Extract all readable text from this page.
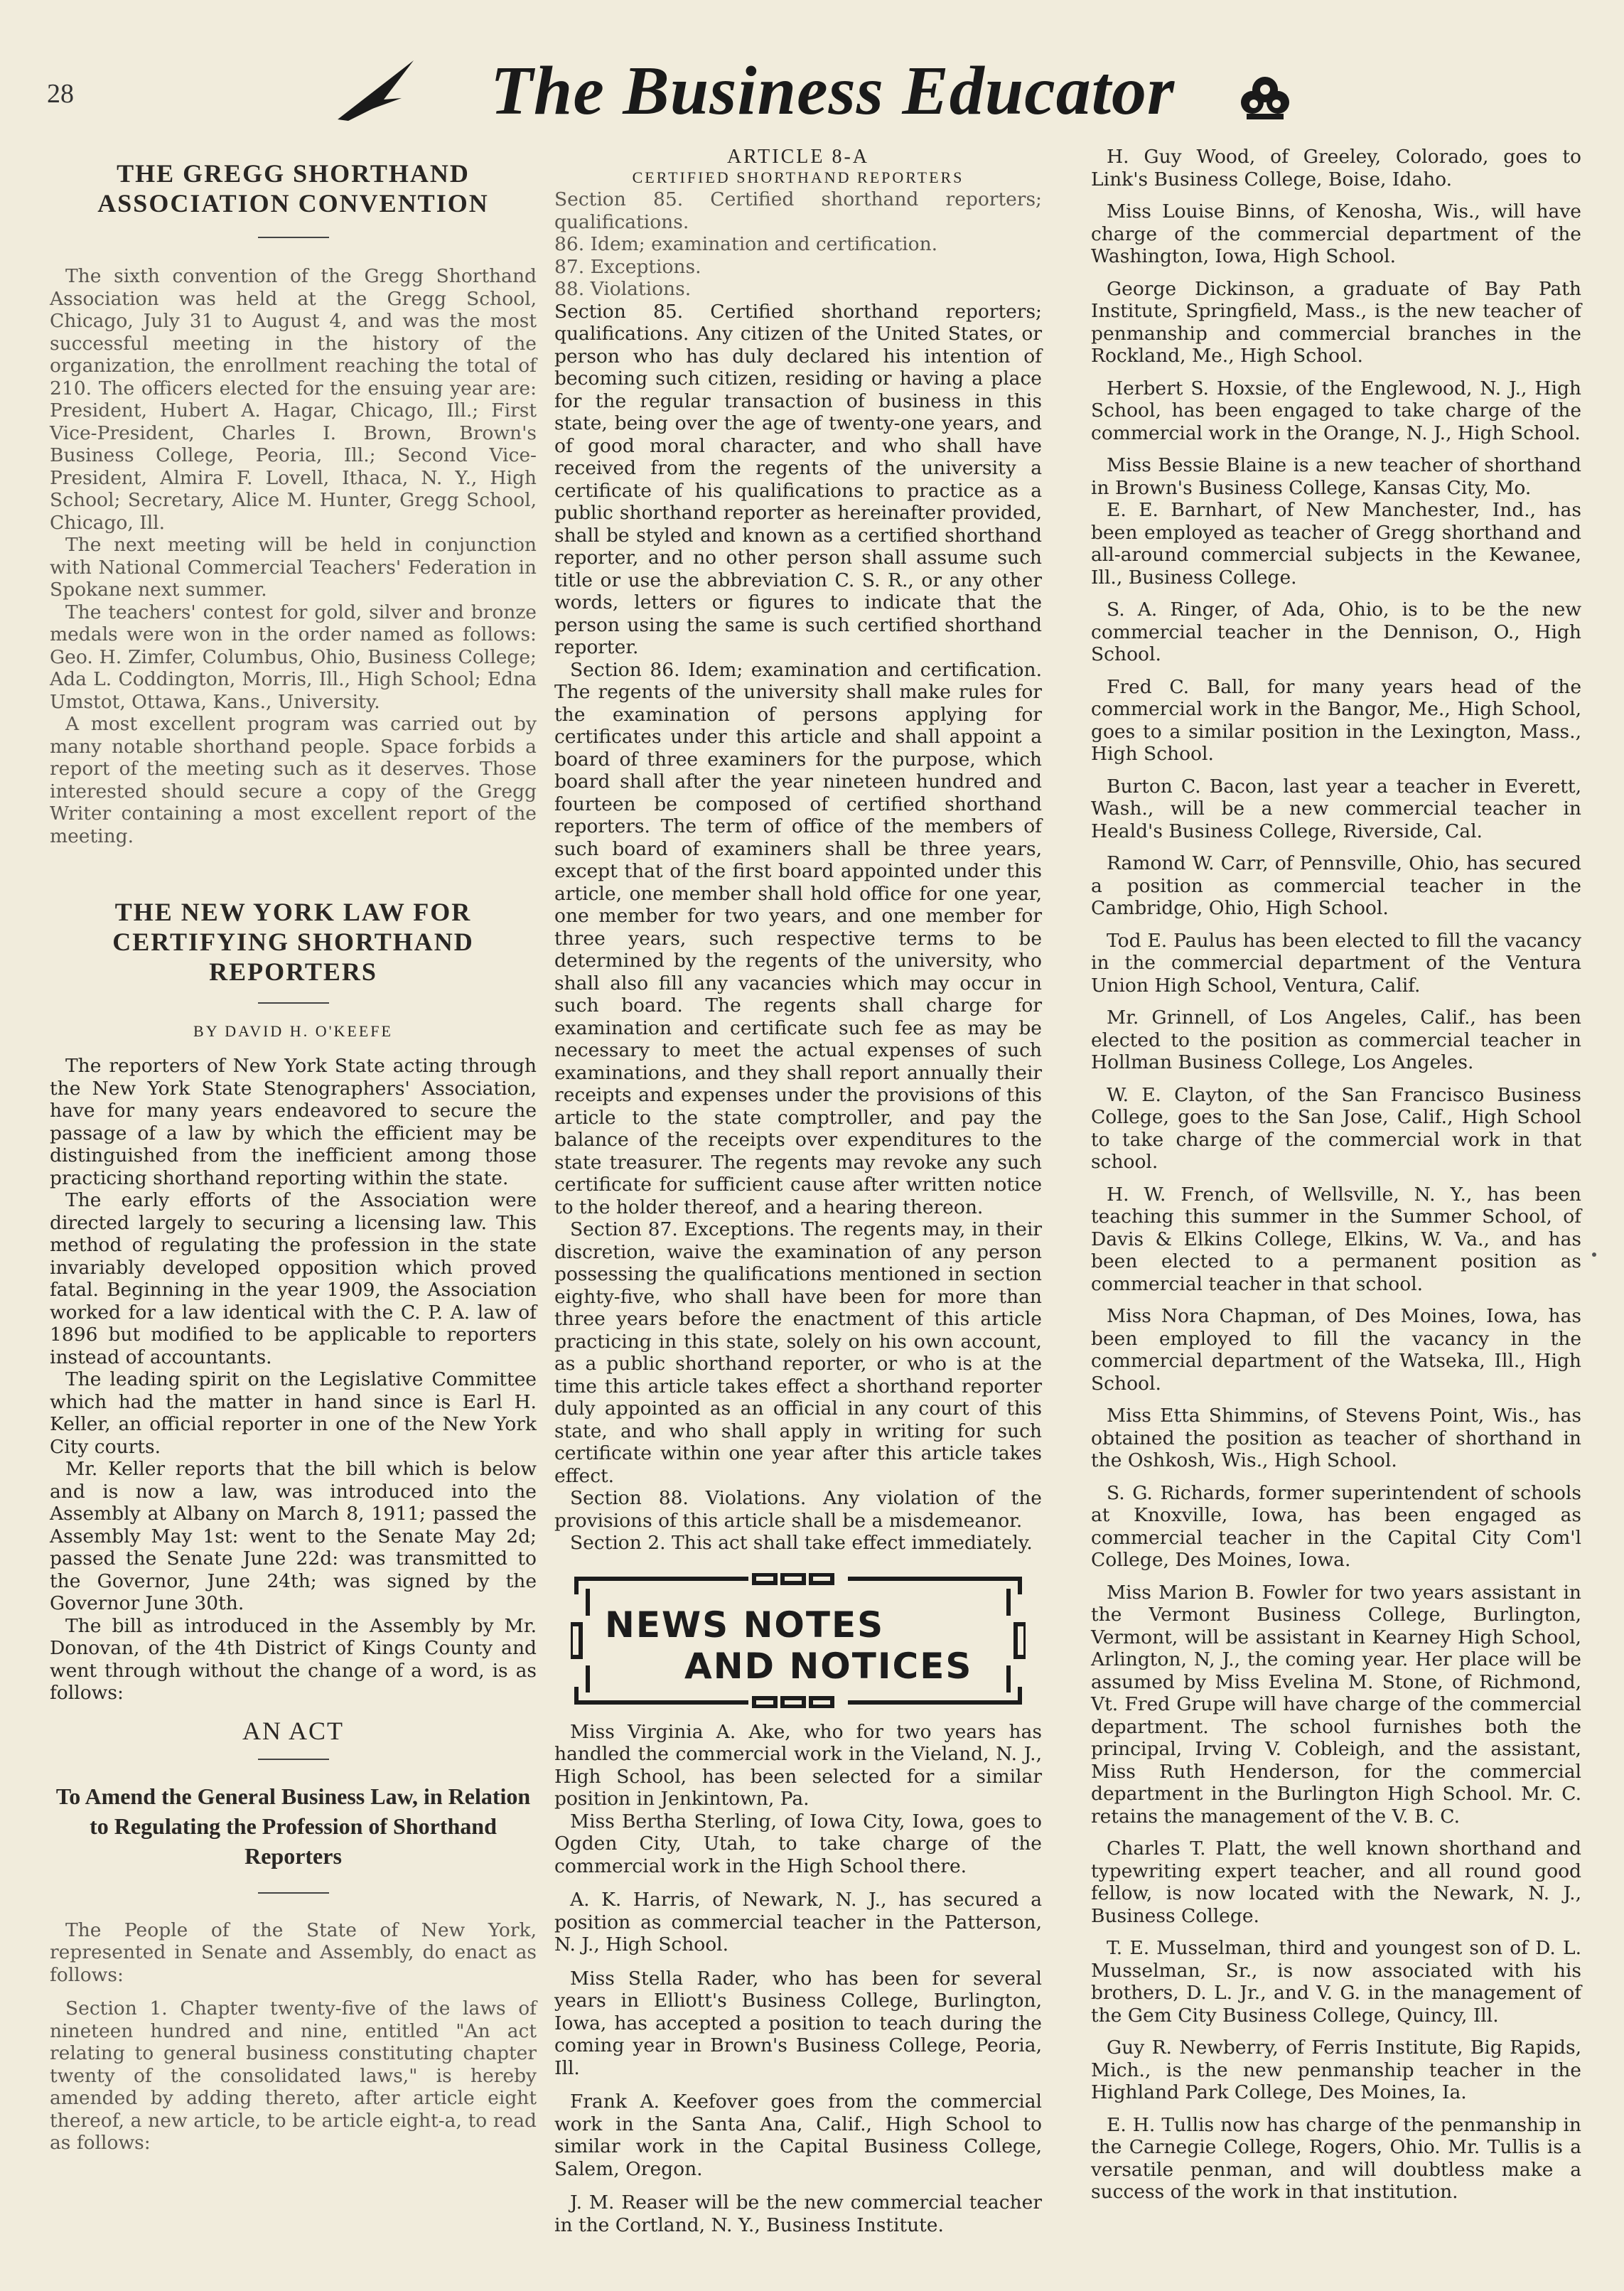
28	The Business Educator
THE GREGG SHORTHAND ASSOCIATION CONVENTION

The sixth convention of the Gregg Shorthand Association was held at the Gregg School, Chicago, July 31 to August 4, and was the most successful meeting in the history of the organization, the enrollment reaching the total of 210. The officers elected for the ensuing year are: President, Hubert A. Hagar, Chicago, Ill.; First Vice-President, Charles I. Brown, Brown's Business College, Peoria, Ill.; Second Vice-President, Almira F. Lovell, Ithaca, N. Y., High School; Secretary, Alice M. Hunter, Gregg School, Chicago, Ill.

The next meeting will be held in conjunction with National Commercial Teachers' Federation in Spokane next summer.

The teachers' contest for gold, silver and bronze medals were won in the order named as follows: Geo. H. Zimfer, Columbus, Ohio, Business College; Ada L. Coddington, Morris, Ill., High School; Edna Umstot, Ottawa, Kans., University.

A most excellent program was carried out by many notable shorthand people. Space forbids a report of the meeting such as it deserves. Those interested should secure a copy of the Gregg Writer containing a most excellent report of the meeting.

THE NEW YORK LAW FOR CERTIFYING SHORTHAND REPORTERS
BY DAVID H. O'KEEFE

The reporters of New York State acting through the New York State Stenographers' Association, have for many years endeavored to secure the passage of a law by which the efficient may be distinguished from the inefficient among those practicing shorthand reporting within the state.

The early efforts of the Association were directed largely to securing a licensing law. This method of regulating the profession in the state invariably developed opposition which proved fatal. Beginning in the year 1909, the Association worked for a law identical with the C. P. A. law of 1896 but modified to be applicable to reporters instead of accountants.

The leading spirit on the Legislative Committee which had the matter in hand since is Earl H. Keller, an official reporter in one of the New York City courts.

Mr. Keller reports that the bill which is below and is now a law, was introduced into the Assembly at Albany on March 8, 1911; passed the Assembly May 1st: went to the Senate May 2d; passed the Senate June 22d: was transmitted to the Governor, June 24th; was signed by the Governor June 30th.

The bill as introduced in the Assembly by Mr. Donovan, of the 4th District of Kings County and went through without the change of a word, is as follows:

AN ACT
To Amend the General Business Law, in Relation to Regulating the Profession of Shorthand Reporters

The People of the State of New York, represented in Senate and Assembly, do enact as follows:

Section 1. Chapter twenty-five of the laws of nineteen hundred and nine, entitled "An act relating to general business constituting chapter twenty of the consolidated laws," is hereby amended by adding thereto, after article eight thereof, a new article, to be article eight-a, to read as follows:

ARTICLE 8-A
CERTIFIED SHORTHAND REPORTERS

Section 85. Certified shorthand reporters; qualifications.

86. Idem; examination and certification.

87. Exceptions.

88. Violations.

Section 85. Certified shorthand reporters; qualifications. Any citizen of the United States, or person who has duly declared his intention of becoming such citizen, residing or having a place for the regular transaction of business in this state, being over the age of twenty-one years, and of good moral character, and who shall have received from the regents of the university a certificate of his qualifications to practice as a public shorthand reporter as hereinafter provided, shall be styled and known as a certified shorthand reporter, and no other person shall assume such title or use the abbreviation C. S. R., or any other words, letters or figures to indicate that the person using the same is such certified shorthand reporter.

Section 86. Idem; examination and certification. The regents of the university shall make rules for the examination of persons applying for certificates under this article and shall appoint a board of three examiners for the purpose, which board shall after the year nineteen hundred and fourteen be composed of certified shorthand reporters. The term of office of the members of such board of examiners shall be three years, except that of the first board appointed under this article, one member shall hold office for one year, one member for two years, and one member for three years, such respective terms to be determined by the regents of the university, who shall also fill any vacancies which may occur in such board. The regents shall charge for examination and certificate such fee as may be necessary to meet the actual expenses of such examinations, and they shall report annually their receipts and expenses under the provisions of this article to the state comptroller, and pay the balance of the receipts over expenditures to the state treasurer. The regents may revoke any such certificate for sufficient cause after written notice to the holder thereof, and a hearing thereon.

Section 87. Exceptions. The regents may, in their discretion, waive the examination of any person possessing the qualifications mentioned in section eighty-five, who shall have been for more than three years before the enactment of this article practicing in this state, solely on his own account, as a public shorthand reporter, or who is at the time this article takes effect a shorthand reporter duly appointed as an official in any court of this state, and who shall apply in writing for such certificate within one year after this article takes effect.

Section 88. Violations. Any violation of the provisions of this article shall be a misdemeanor.

Section 2. This act shall take effect immediately.

NEWS NOTES
AND NOTICES

Miss Virginia A. Ake, who for two years has handled the commercial work in the Vieland, N. J., High School, has been selected for a similar position in Jenkintown, Pa.

Miss Bertha Sterling, of Iowa City, Iowa, goes to Ogden City, Utah, to take charge of the commercial work in the High School there.

A. K. Harris, of Newark, N. J., has secured a position as commercial teacher in the Patterson, N. J., High School.

Miss Stella Rader, who has been for several years in Elliott's Business College, Burlington, Iowa, has accepted a position to teach during the coming year in Brown's Business College, Peoria, Ill.

Frank A. Keefover goes from the commercial work in the Santa Ana, Calif., High School to similar work in the Capital Business College, Salem, Oregon.

J. M. Reaser will be the new commercial teacher in the Cortland, N. Y., Business Institute.

H. Guy Wood, of Greeley, Colorado, goes to Link's Business College, Boise, Idaho.

Miss Louise Binns, of Kenosha, Wis., will have charge of the commercial department of the Washington, Iowa, High School.

George Dickinson, a graduate of Bay Path Institute, Springfield, Mass., is the new teacher of penmanship and commercial branches in the Rockland, Me., High School.

Herbert S. Hoxsie, of the Englewood, N. J., High School, has been engaged to take charge of the commercial work in the Orange, N. J., High School.

Miss Bessie Blaine is a new teacher of shorthand in Brown's Business College, Kansas City, Mo.

E. E. Barnhart, of New Manchester, Ind., has been employed as teacher of Gregg shorthand and all-around commercial subjects in the Kewanee, Ill., Business College.

S. A. Ringer, of Ada, Ohio, is to be the new commercial teacher in the Dennison, O., High School.

Fred C. Ball, for many years head of the commercial work in the Bangor, Me., High School, goes to a similar position in the Lexington, Mass., High School.

Burton C. Bacon, last year a teacher in Everett, Wash., will be a new commercial teacher in Heald's Business College, Riverside, Cal.

Ramond W. Carr, of Pennsville, Ohio, has secured a position as commercial teacher in the Cambridge, Ohio, High School.

Tod E. Paulus has been elected to fill the vacancy in the commercial department of the Ventura Union High School, Ventura, Calif.

Mr. Grinnell, of Los Angeles, Calif., has been elected to the position as commercial teacher in Hollman Business College, Los Angeles.

W. E. Clayton, of the San Francisco Business College, goes to the San Jose, Calif., High School to take charge of the commercial work in that school.

H. W. French, of Wellsville, N. Y., has been teaching this summer in the Summer School, of Davis & Elkins College, Elkins, W. Va., and has been elected to a permanent position as commercial teacher in that school.

Miss Nora Chapman, of Des Moines, Iowa, has been employed to fill the vacancy in the commercial department of the Watseka, Ill., High School.

Miss Etta Shimmins, of Stevens Point, Wis., has obtained the position as teacher of shorthand in the Oshkosh, Wis., High School.

S. G. Richards, former superintendent of schools at Knoxville, Iowa, has been engaged as commercial teacher in the Capital City Com'l College, Des Moines, Iowa.

Miss Marion B. Fowler for two years assistant in the Vermont Business College, Burlington, Vermont, will be assistant in Kearney High School, Arlington, N, J., the coming year. Her place will be assumed by Miss Evelina M. Stone, of Richmond, Vt. Fred Grupe will have charge of the commercial department. The school furnishes both the principal, Irving V. Cobleigh, and the assistant, Miss Ruth Henderson, for the commercial department in the Burlington High School. Mr. C. retains the management of the V. B. C.

Charles T. Platt, the well known shorthand and typewriting expert teacher, and all round good fellow, is now located with the Newark, N. J., Business College.

T. E. Musselman, third and youngest son of D. L. Musselman, Sr., is now associated with his brothers, D. L. Jr., and V. G. in the management of the Gem City Business College, Quincy, Ill.

Guy R. Newberry, of Ferris Institute, Big Rapids, Mich., is the new penmanship teacher in the Highland Park College, Des Moines, Ia.

E. H. Tullis now has charge of the penmanship in the Carnegie College, Rogers, Ohio. Mr. Tullis is a versatile penman, and will doubtless make a success of the work in that institution.
